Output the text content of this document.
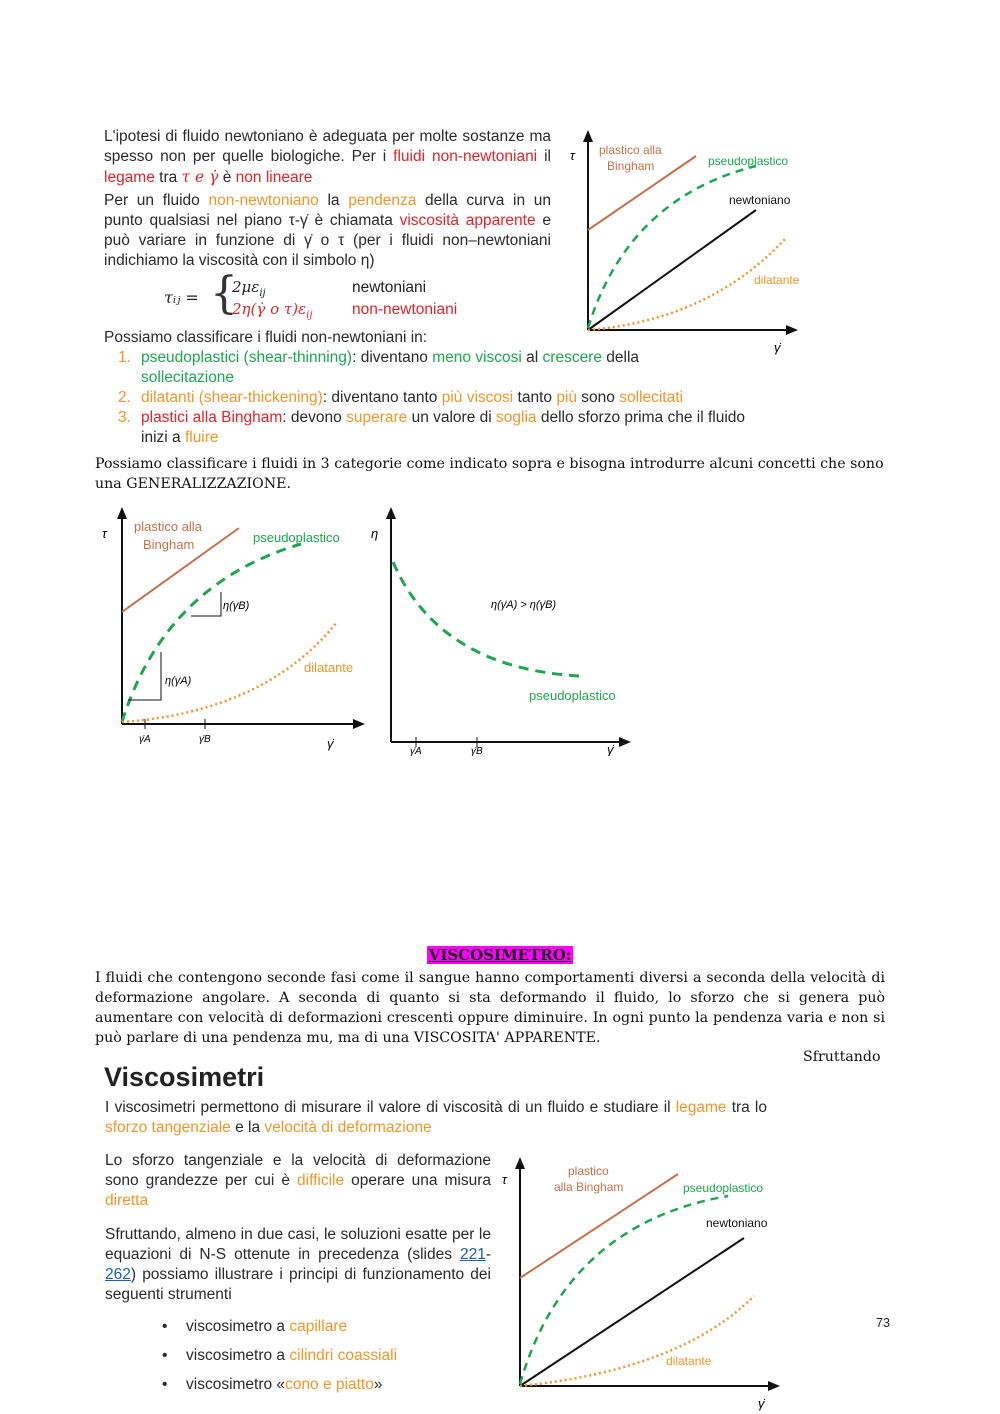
L'ipotesi di fluido newtoniano è adeguata per molte sostanze ma spesso non per quelle biologiche. Per i fluidi non-newtoniani il legame tra τ e γ̇ è non lineare
Per un fluido non-newtoniano la pendenza della curva in un punto qualsiasi nel piano τ-γ̇ è chiamata viscosità apparente e può variare in funzione di γ̇ o τ (per i fluidi non–newtoniani indichiamo la viscosità con il simbolo η)
τᵢⱼ = {
$2\mu\varepsilon_{ij}$
2η(γ̇ o $\tau)\varepsilon_{ij}$
newtoniani
non-newtoniani
Possiamo classificare i fluidi non-newtoniani in:
1. pseudoplastici (shear-thinning): diventano meno viscosi al crescere della
sollecitazione
2. dilatanti (shear-thickening): diventano tanto più viscosi tanto più sono sollecitati
3. plastici alla Bingham: devono superare un valore di soglia dello sforzo prima che il fluido inizi a fluire
τ
γ̇
plastico alla
Bingham	pseudoplastico
newtoniano
dilatante
Possiamo classificare i fluidi in 3 categorie come indicato sopra e bisogna introdurre alcuni concetti che sono una GENERALIZZAZIONE.
τ
γ̇
η(γ̇B)
η(γ̇A)
γ̇A	γ̇B
plastico alla
Bingham	pseudoplastico
dilatante
η
γ̇
η(γ̇A) > η(γ̇B)
pseudoplastico
γ̇A	γ̇B
VISCOSIMETRO:
I fluidi che contengono seconde fasi come il sangue hanno comportamenti diversi a seconda della velocità di deformazione angolare. A seconda di quanto si sta deformando il fluido, lo sforzo che si genera può aumentare con velocità di deformazioni crescenti oppure diminuire. In ogni punto la pendenza varia e non si può parlare di una pendenza mu, ma di una VISCOSITA' APPARENTE.
Sfruttando
Viscosimetri
I viscosimetri permettono di misurare il valore di viscosità di un fluido e studiare il legame tra lo sforzo tangenziale e la velocità di deformazione
Lo sforzo tangenziale e la velocità di deformazione sono grandezze per cui è difficile operare una misura diretta
Sfruttando, almeno in due casi, le soluzioni esatte per le equazioni di N-S ottenute in precedenza (slides 221-262) possiamo illustrare i principi di funzionamento dei seguenti strumenti
• viscosimetro a capillare
• viscosimetro a cilindri coassiali
• viscosimetro «cono e piatto»
τ
γ̇
plastico
alla Bingham	pseudoplastico
newtoniano
dilatante
73
